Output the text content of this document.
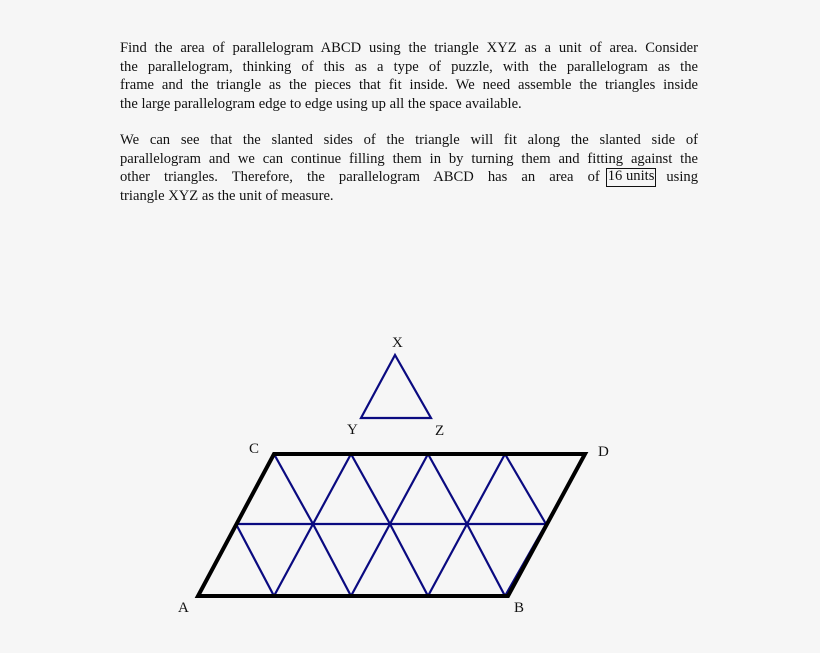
Find the area of parallelogram ABCD using the triangle XYZ as a unit of area. Consider
the parallelogram, thinking of this as a type of puzzle, with the parallelogram as the
frame and the triangle as the pieces that fit inside. We need assemble the triangles inside
the large parallelogram edge to edge using up all the space available.
We can see that the slanted sides of the triangle will fit along the slanted side of
parallelogram and we can continue filling them in by turning them and fitting against the
other triangles. Therefore, the parallelogram ABCD has an area of 16 units using
triangle XYZ as the unit of measure.
X
Y	Z
C	D
A	B
